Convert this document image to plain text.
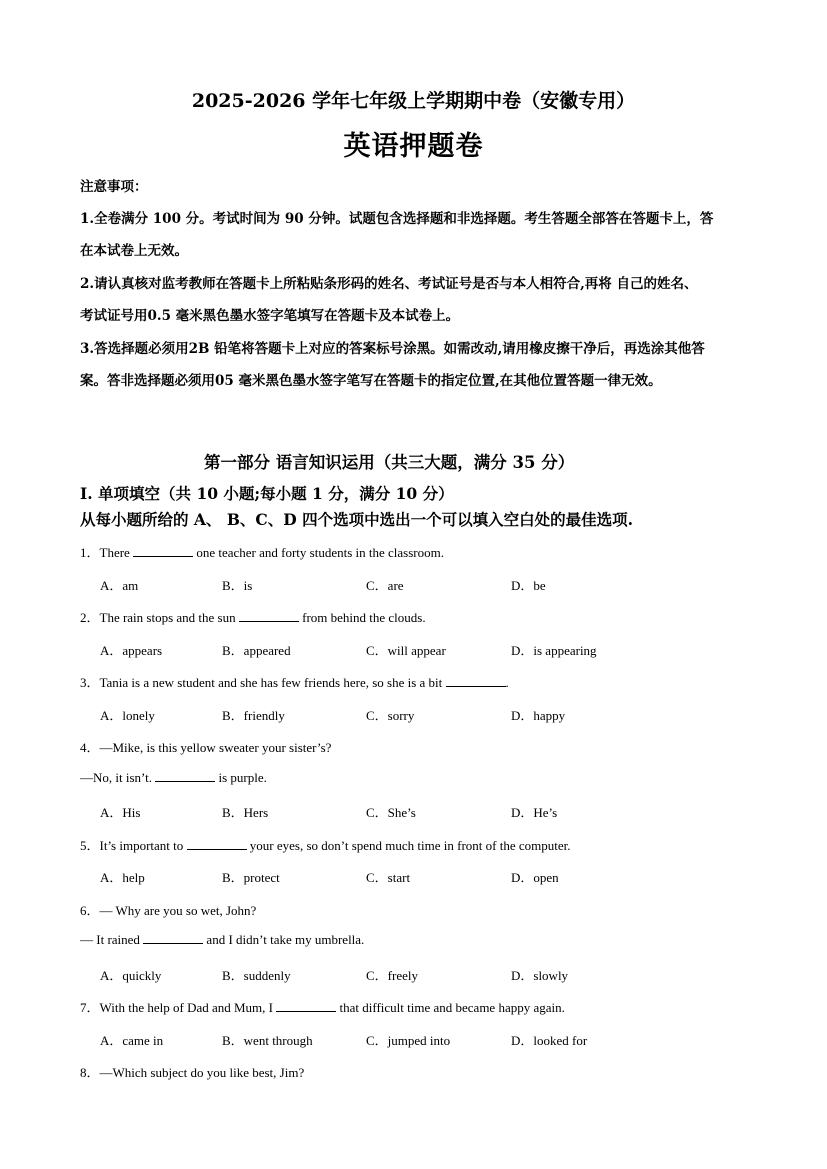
2025-2026 学年七年级上学期期中卷（安徽专用）
英语押题卷
注意事项：
1.全卷满分 100 分。考试时间为 90 分钟。试题包含选择题和非选择题。考生答题全部答在答题卡上，答
在本试卷上无效。
2.请认真核对监考教师在答题卡上所粘贴条形码的姓名、考试证号是否与本人相符合,再将 自己的姓名、
考试证号用0.5 毫米黑色墨水签字笔填写在答题卡及本试卷上。
3.答选择题必须用2B 铅笔将答题卡上对应的答案标号涂黑。如需改动,请用橡皮擦干净后，再选涂其他答
案。答非选择题必须用05 毫米黑色墨水签字笔写在答题卡的指定位置,在其他位置答题一律无效。
第一部分 语言知识运用（共三大题，满分 35 分）
I. 单项填空（共 10 小题;每小题 1 分，满分 10 分）
从每小题所给的 A、 B、C、D 四个选项中选出一个可以填入空白处的最佳选项.
1．There	one teacher and forty students in the classroom.
A．am	B．is	C．are	D．be
2．The rain stops and the sun	from behind the clouds.
A．appears	B．appeared	C．will appear	D．is appearing
3．Tania is a new student and she has few friends here, so she is a bit	.
A．lonely	B．friendly	C．sorry	D．happy
4．—Mike, is this yellow sweater your sister’s?
—No, it isn’t.	is purple.
A．His	B．Hers	C．She’s	D．He’s
5．It’s important to	your eyes, so don’t spend much time in front of the computer.
A．help	B．protect	C．start	D．open
6．— Why are you so wet, John?
— It rained	and I didn’t take my umbrella.
A．quickly	B．suddenly	C．freely	D．slowly
7．With the help of Dad and Mum, I	that difficult time and became happy again.
A．came in	B．went through	C．jumped into	D．looked for
8．—Which subject do you like best, Jim?
